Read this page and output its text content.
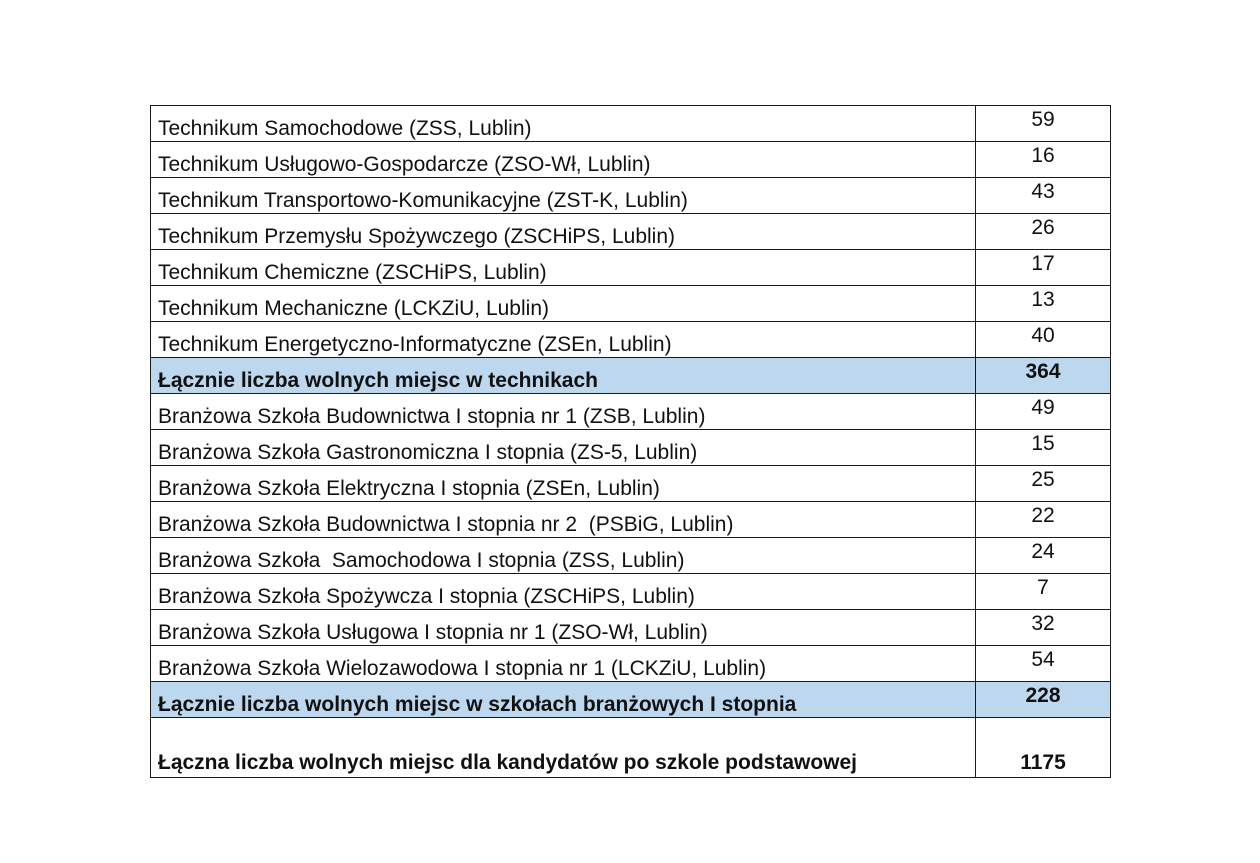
Technikum Samochodowe (ZSS, Lublin)	59
Technikum Usługowo-Gospodarcze (ZSO-Wł, Lublin)	16
Technikum Transportowo-Komunikacyjne (ZST-K, Lublin)	43
Technikum Przemysłu Spożywczego (ZSCHiPS, Lublin)	26
Technikum Chemiczne (ZSCHiPS, Lublin)	17
Technikum Mechaniczne (LCKZiU, Lublin)	13
Technikum Energetyczno-Informatyczne (ZSEn, Lublin)	40
Łącznie liczba wolnych miejsc w technikach	364
Branżowa Szkoła Budownictwa I stopnia nr 1 (ZSB, Lublin)	49
Branżowa Szkoła Gastronomiczna I stopnia (ZS-5, Lublin)	15
Branżowa Szkoła Elektryczna I stopnia (ZSEn, Lublin)	25
Branżowa Szkoła Budownictwa I stopnia nr 2  (PSBiG, Lublin)	22
Branżowa Szkoła  Samochodowa I stopnia (ZSS, Lublin)	24
Branżowa Szkoła Spożywcza I stopnia (ZSCHiPS, Lublin)	7
Branżowa Szkoła Usługowa I stopnia nr 1 (ZSO-Wł, Lublin)	32
Branżowa Szkoła Wielozawodowa I stopnia nr 1 (LCKZiU, Lublin)	54
Łącznie liczba wolnych miejsc w szkołach branżowych I stopnia	228
Łączna liczba wolnych miejsc dla kandydatów po szkole podstawowej	1175
